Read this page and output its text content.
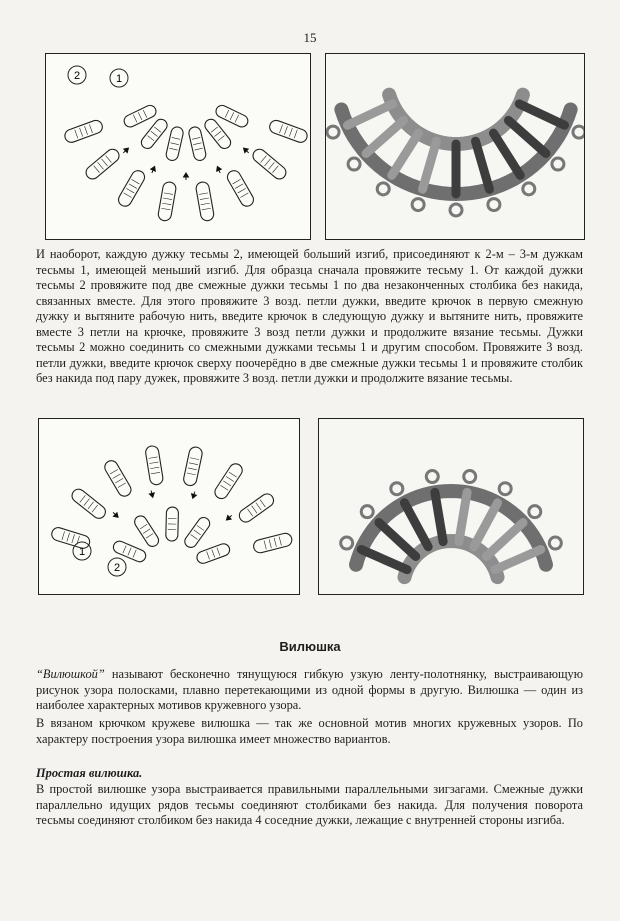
15
2	1

И наоборот, каждую дужку тесьмы 2, имеющей больший изгиб, присоединяют к 2-м – 3-м дужкам тесьмы 1, имеющей меньший изгиб. Для образца сначала провяжите тесьму 1. От каждой дужки тесьмы 2 провяжите под две смежные дужки тесьмы 1 по два незаконченных столбика без накида, связанных вместе. Для этого провяжите 3 возд. петли дужки, введите крючок в первую смежную дужку и вытяните рабочую нить, введите крючок в следующую дужку и вытяните нить, провяжите вместе 3 петли на крючке, провяжите 3 возд петли дужки и продолжите вязание тесьмы. Дужки тесьмы 2 можно соединить со смежными дужками тесьмы 1 и другим способом. Провяжите 3 возд. петли дужки, введите крючок сверху поочерёдно в две смежные дужки тесьмы 1 и провяжите столбик без накида под пару дужек, провяжите 3 возд. петли дужки и продолжите вязание тесьмы.

1
2
Вилюшка

“Вилюшкой” называют бесконечно тянущуюся гибкую узкую ленту-полотнянку, выстраивающую рисунок узора полосками, плавно перетекающими из одной формы в другую. Вилюшка — один из наиболее характерных мотивов кружевного узора.

В вязаном крючком кружеве вилюшка — так же основной мотив многих кружевных узоров. По характеру построения узора вилюшка имеет множество вариантов.

Простая вилюшка.

В простой вилюшке узора выстраивается правильными параллельными зигзагами. Смежные дужки параллельно идущих рядов тесьмы соединяют столбиками без накида. Для получения поворота тесьмы соединяют столбиком без накида 4 соседние дужки, лежащие с внутренней стороны изгиба.
